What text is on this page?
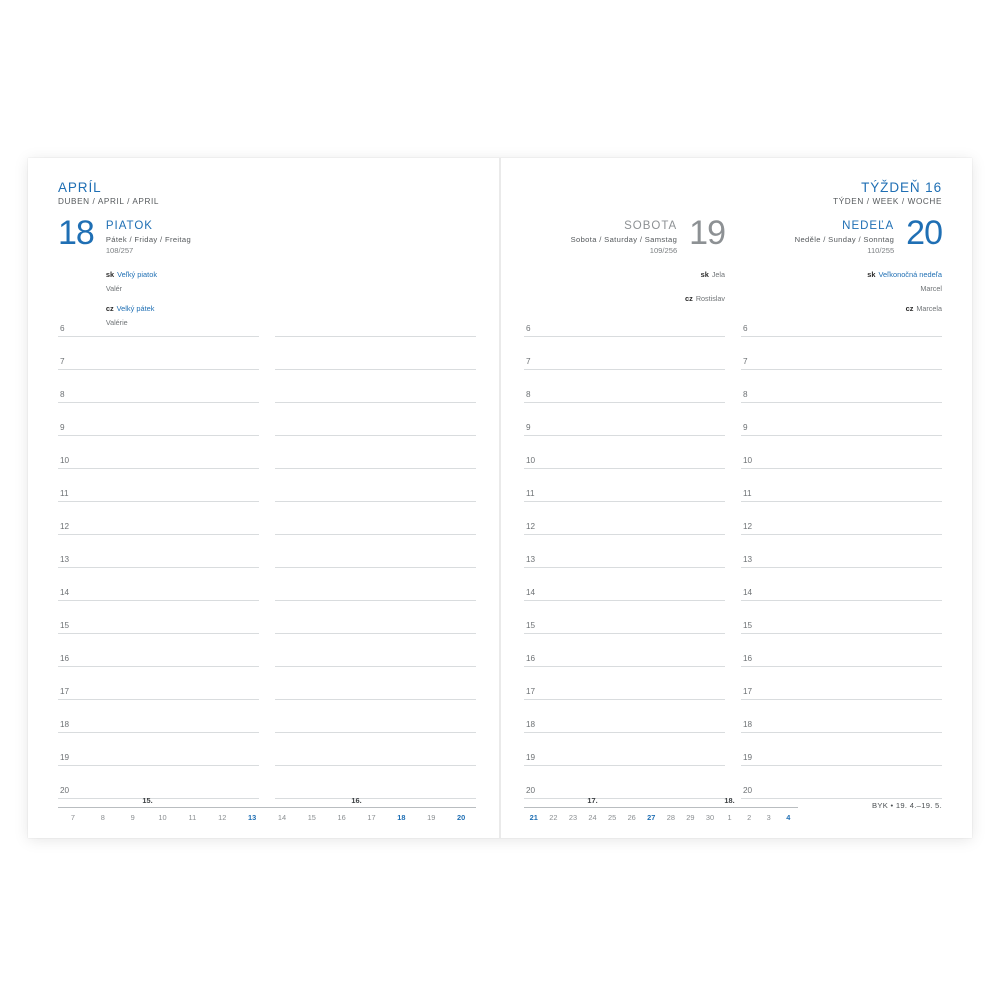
APRÍL
DUBEN / APRIL / APRIL
18 PIATOK
Pátek / Friday / Freitag
108/257
sk Veľký piatok
Valér
cz Velký pátek
Valérie
6
7
8
9
10
11
12
13
14
15
16
17
18
19
20
15.	16.
7	8	9	10	11	12	13	14	15	16	17	18	19	20
TÝŽDEŇ 16
TÝDEN / WEEK / WOCHE
SOBOTA
Sobota / Saturday / Samstag
109/256 19
sk Jela
cz Rostislav
NEDEĽA
Neděle / Sunday / Sonntag
110/255 20
sk Veľkonočná nedeľa
Marcel
cz Marcela
6
7
8
9
10
11
12
13
14
15
16
17
18
19
20
6
7
8
9
10
11
12
13
14
15
16
17
18
19
20
17.	18.
BYK • 19. 4.–19. 5.
21	22	23	24	25	26	27	28	29	30	1	2	3	4
